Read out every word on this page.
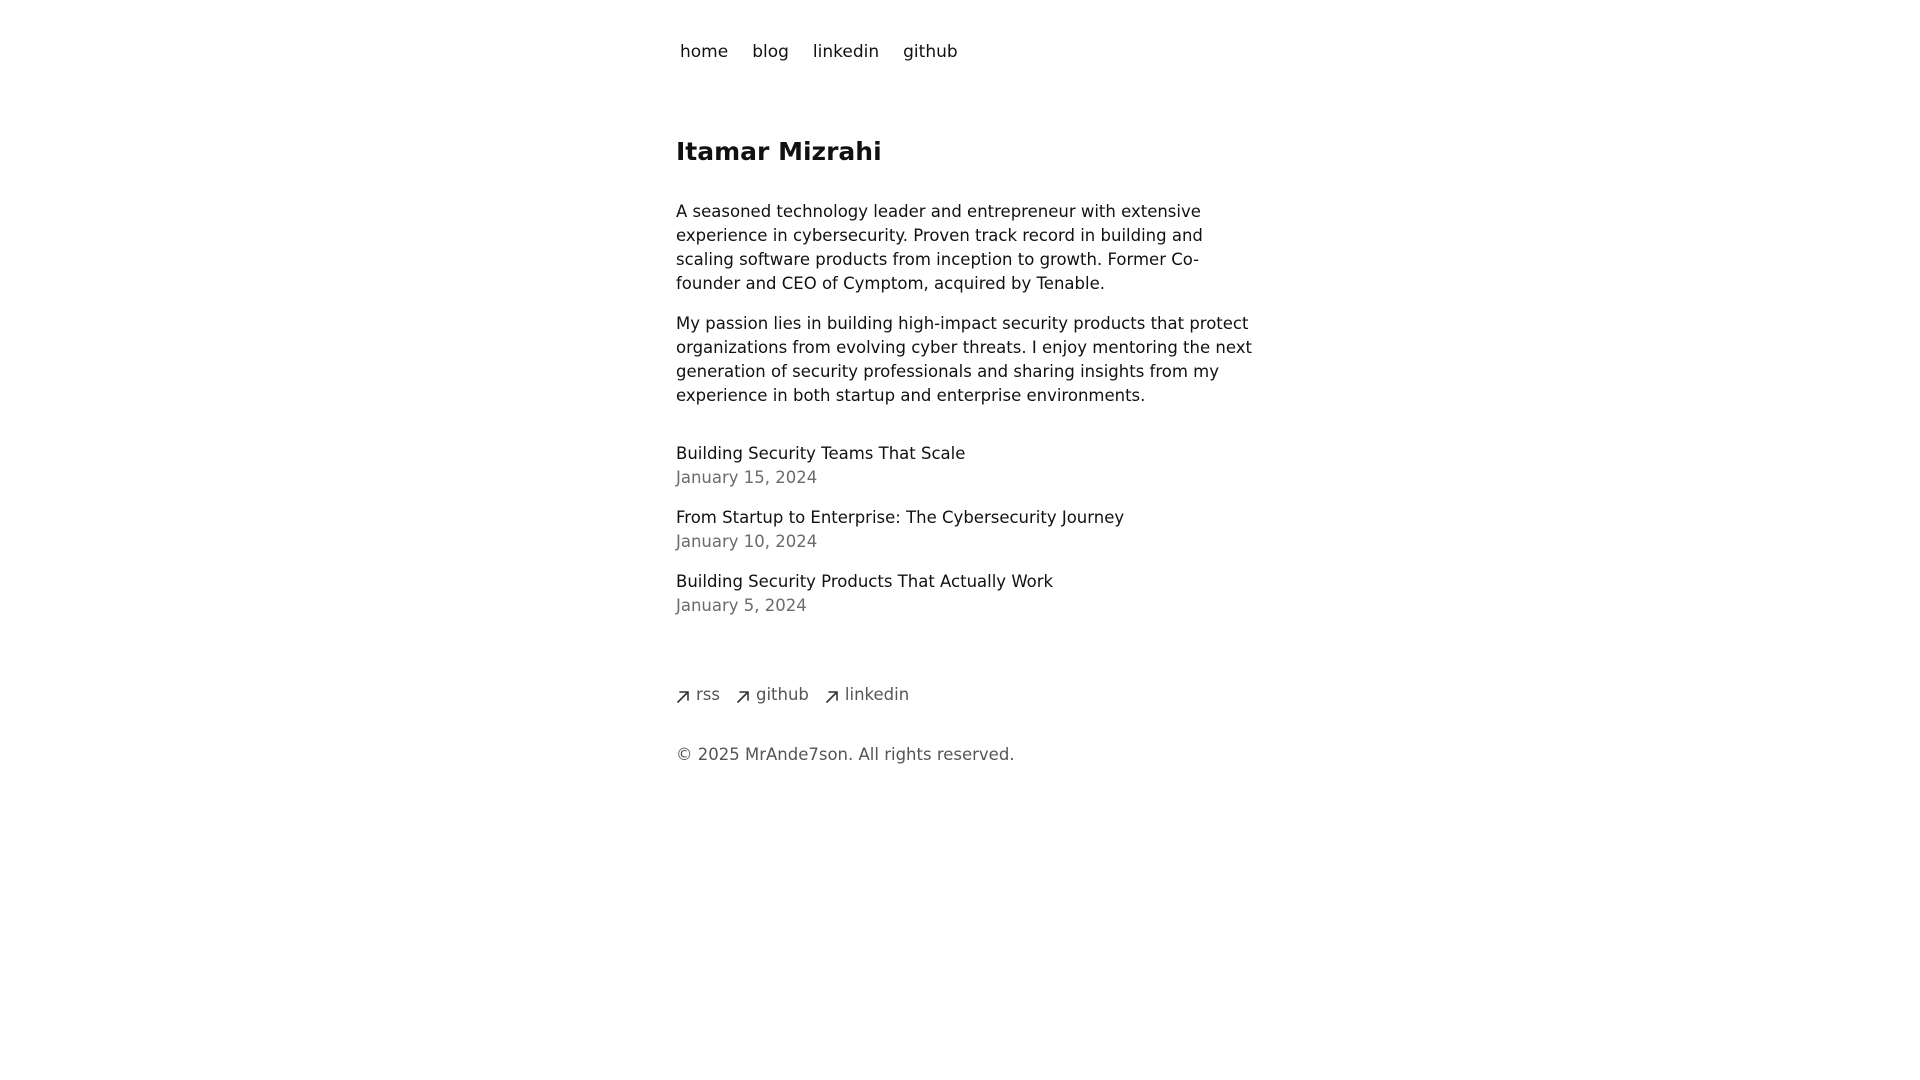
home blog linkedin github
Itamar Mizrahi

A seasoned technology leader and entrepreneur with extensive experience in cybersecurity. Proven track record in building and scaling software products from inception to growth. Former Co-founder and CEO of Cymptom, acquired by Tenable.

My passion lies in building high-impact security products that protect organizations from evolving cyber threats. I enjoy mentoring the next generation of security professionals and sharing insights from my experience in both startup and enterprise environments.

Building Security Teams That Scale
January 15, 2024
From Startup to Enterprise: The Cybersecurity Journey
January 10, 2024
Building Security Products That Actually Work
January 5, 2024
rss github linkedin
© 2025 MrAnde7son. All rights reserved.
